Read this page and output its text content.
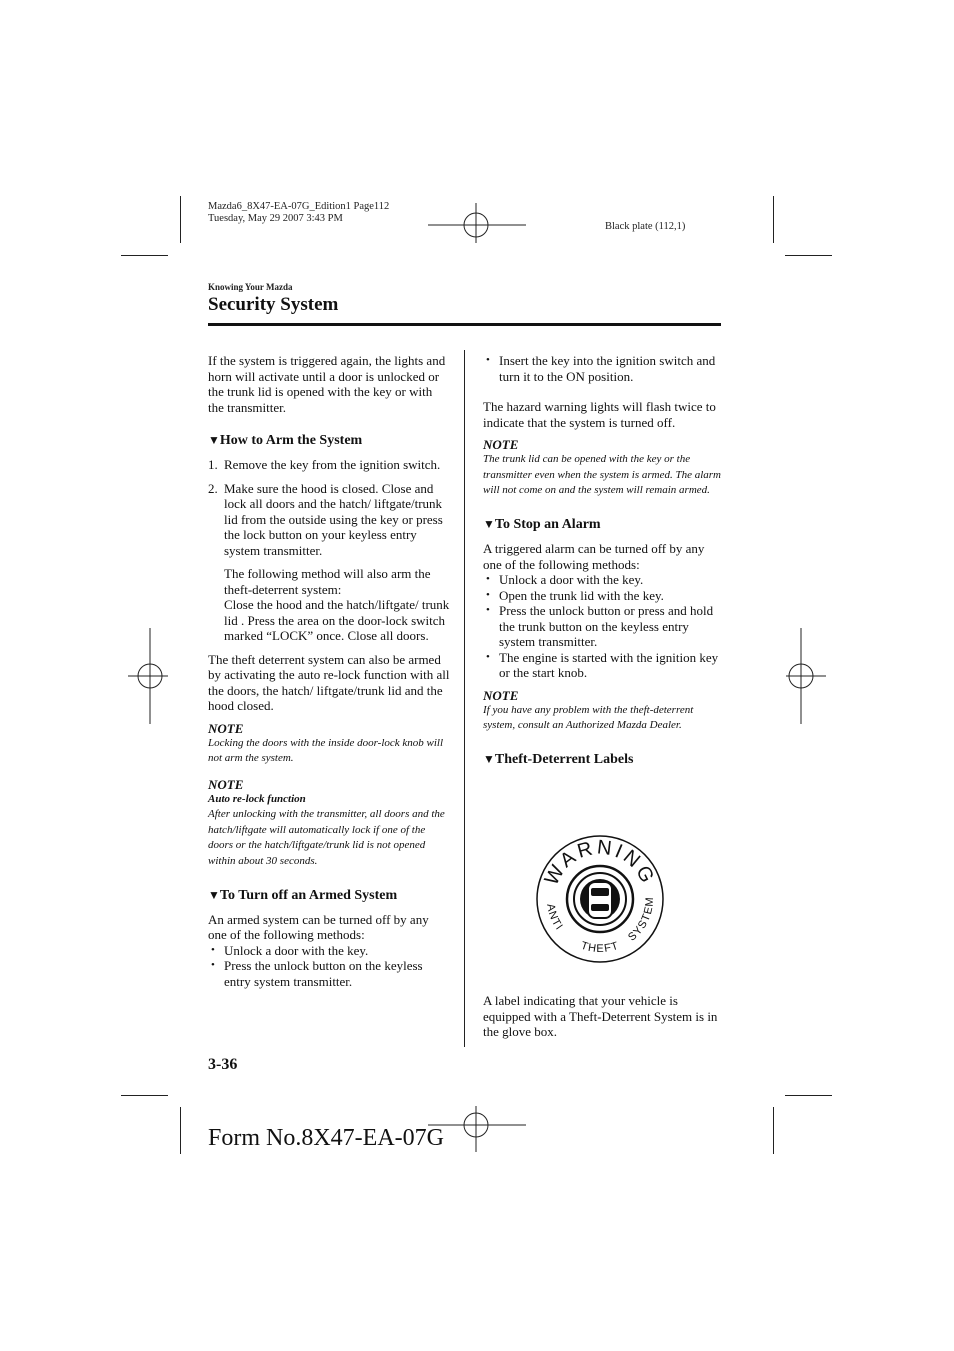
Mazda6_8X47-EA-07G_Edition1 Page112
Tuesday, May 29 2007 3:43 PM
Black plate (112,1)
Knowing Your Mazda
Security System

If the system is triggered again, the lights and horn will activate until a door is unlocked or the trunk lid is opened with the key or with the transmitter.

▼How to Arm the System
1. Remove the key from the ignition switch.
2. Make sure the hood is closed. Close and lock all doors and the hatch/ liftgate/trunk lid from the outside using the key or press the lock button on your keyless entry system transmitter.

The following method will also arm the theft-deterrent system:

Close the hood and the hatch/liftgate/ trunk lid . Press the area on the door-lock switch marked “LOCK” once. Close all doors.

The theft deterrent system can also be armed by activating the auto re-lock function with all the doors, the hatch/ liftgate/trunk lid and the hood closed.

NOTE
Locking the doors with the inside door-lock knob will not arm the system.
NOTE
Auto re-lock function
After unlocking with the transmitter, all doors and the hatch/liftgate will automatically lock if one of the doors or the hatch/liftgate/trunk lid is not opened within about 30 seconds.
▼To Turn off an Armed System

An armed system can be turned off by any one of the following methods:

• Unlock a door with the key.
• Press the unlock button on the keyless entry system transmitter.
• Insert the key into the ignition switch and turn it to the ON position.

The hazard warning lights will flash twice to indicate that the system is turned off.

NOTE
The trunk lid can be opened with the key or the transmitter even when the system is armed. The alarm will not come on and the system will remain armed.
▼To Stop an Alarm

A triggered alarm can be turned off by any one of the following methods:

• Unlock a door with the key.
• Open the trunk lid with the key.
• Press the unlock button or press and hold the trunk button on the keyless entry system transmitter.
• The engine is started with the ignition key or the start knob.
NOTE
If you have any problem with the theft-deterrent system, consult an Authorized Mazda Dealer.
▼Theft-Deterrent Labels
WARNING
ANTI
THEFT
SYSTEM
A label indicating that your vehicle is equipped with a Theft-Deterrent System is in the glove box.
3-36
Form No.8X47-EA-07G
